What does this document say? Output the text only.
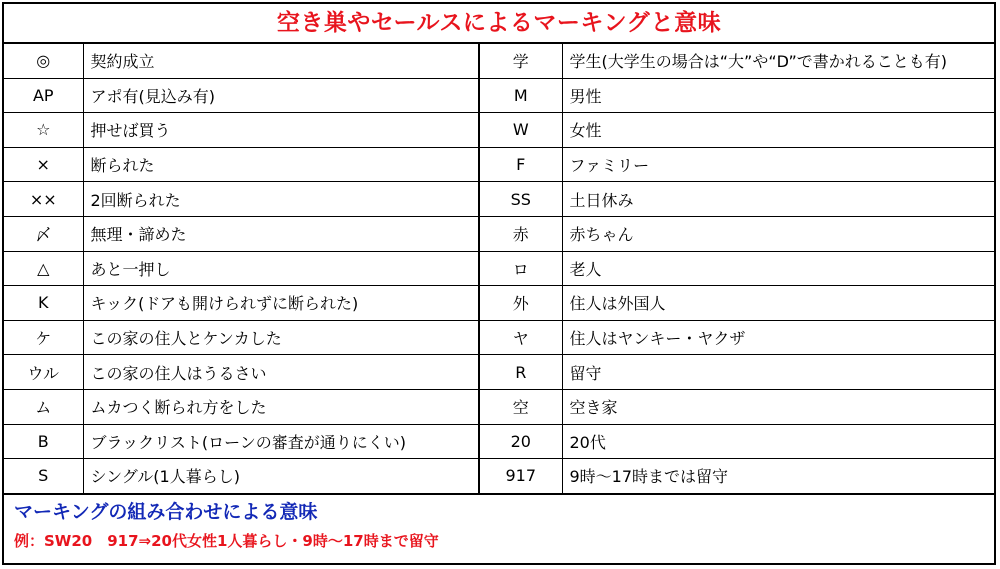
空き巣やセールスによるマーキングと意味
◎	契約成立	学	学生(大学生の場合は“大”や“D”で書かれることも有)
AP	アポ有(見込み有)	M	男性
☆	押せば買う	W	女性
×	断られた	F	ファミリー
××	2回断られた	SS	土日休み
〆	無理・諦めた	赤	赤ちゃん
△	あと一押し	ロ	老人
K	キック(ドアも開けられずに断られた)	外	住人は外国人
ケ	この家の住人とケンカした	ヤ	住人はヤンキー・ヤクザ
ウル	この家の住人はうるさい	R	留守
ム	ムカつく断られ方をした	空	空き家
B	ブラックリスト(ローンの審査が通りにくい)	20	20代
S	シングル(1人暮らし)	917	9時～17時までは留守
マーキングの組み合わせによる意味
例：SW20　917⇒20代女性1人暮らし・9時～17時まで留守
